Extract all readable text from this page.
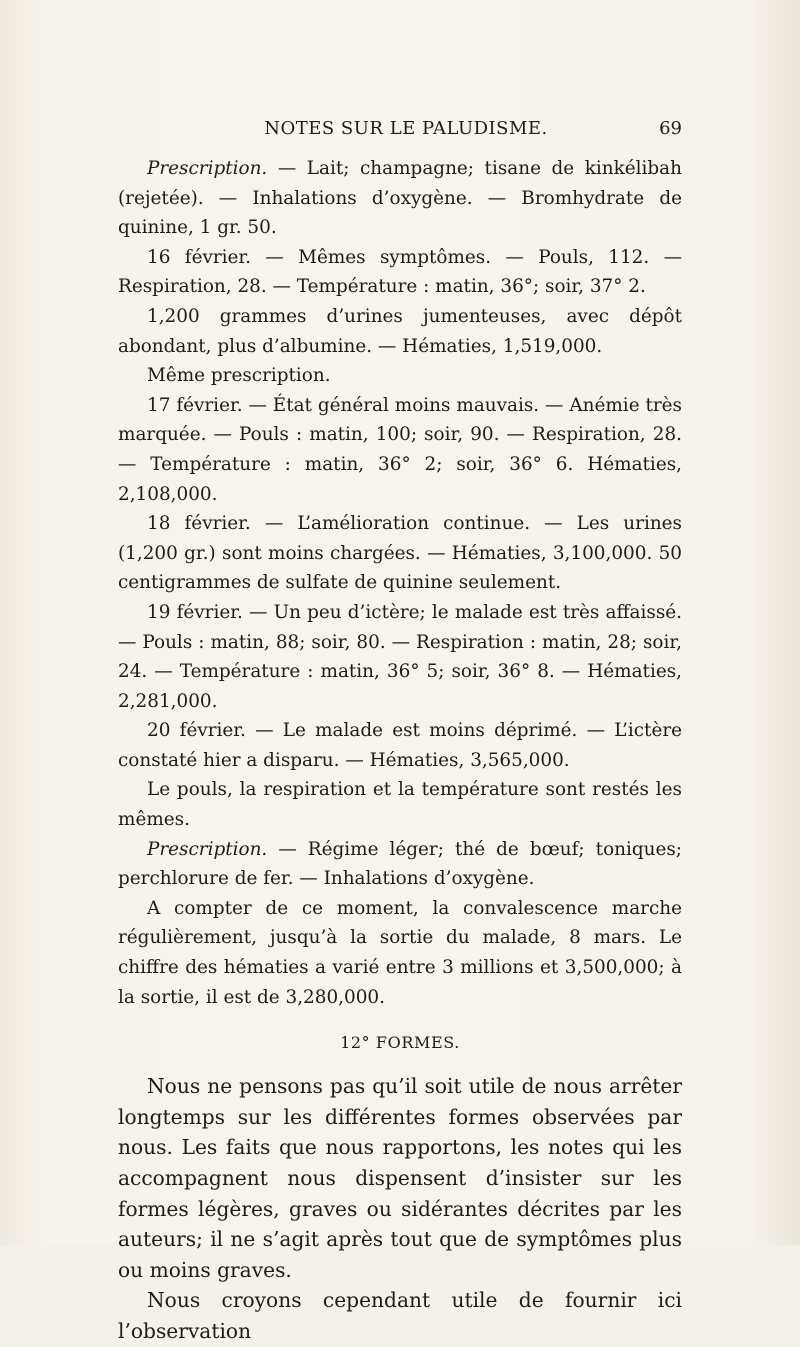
NOTES SUR LE PALUDISME.	69

Prescription. — Lait; champagne; tisane de kinkélibah (rejetée). — Inhalations d’oxygène. — Bromhydrate de quinine, 1 gr. 50.

16 février. — Mêmes symptômes. — Pouls, 112. — Respiration, 28. — Température : matin, 36°; soir, 37° 2.

1,200 grammes d’urines jumenteuses, avec dépôt abondant, plus d’albumine. — Hématies, 1,519,000.

Même prescription.

17 février. — État général moins mauvais. — Anémie très marquée. — Pouls : matin, 100; soir, 90. — Respiration, 28. — Température : matin, 36° 2; soir, 36° 6. Hématies, 2,108,000.

18 février. — L’amélioration continue. — Les urines (1,200 gr.) sont moins chargées. — Hématies, 3,100,000. 50 centigrammes de sulfate de quinine seulement.

19 février. — Un peu d’ictère; le malade est très affaissé. — Pouls : matin, 88; soir, 80. — Respiration : matin, 28; soir, 24. — Température : matin, 36° 5; soir, 36° 8. — Hématies, 2,281,000.

20 février. — Le malade est moins déprimé. — L’ictère constaté hier a disparu. — Hématies, 3,565,000.

Le pouls, la respiration et la température sont restés les mêmes.

Prescription. — Régime léger; thé de bœuf; toniques; perchlorure de fer. — Inhalations d’oxygène.

A compter de ce moment, la convalescence marche régulièrement, jusqu’à la sortie du malade, 8 mars. Le chiffre des hématies a varié entre 3 millions et 3,500,000; à la sortie, il est de 3,280,000.

12° FORMES.

Nous ne pensons pas qu’il soit utile de nous arrêter longtemps sur les différentes formes observées par nous. Les faits que nous rapportons, les notes qui les accompagnent nous dispensent d’insister sur les formes légères, graves ou sidérantes décrites par les auteurs; il ne s’agit après tout que de symptômes plus ou moins graves.

Nous croyons cependant utile de fournir ici l’observation
